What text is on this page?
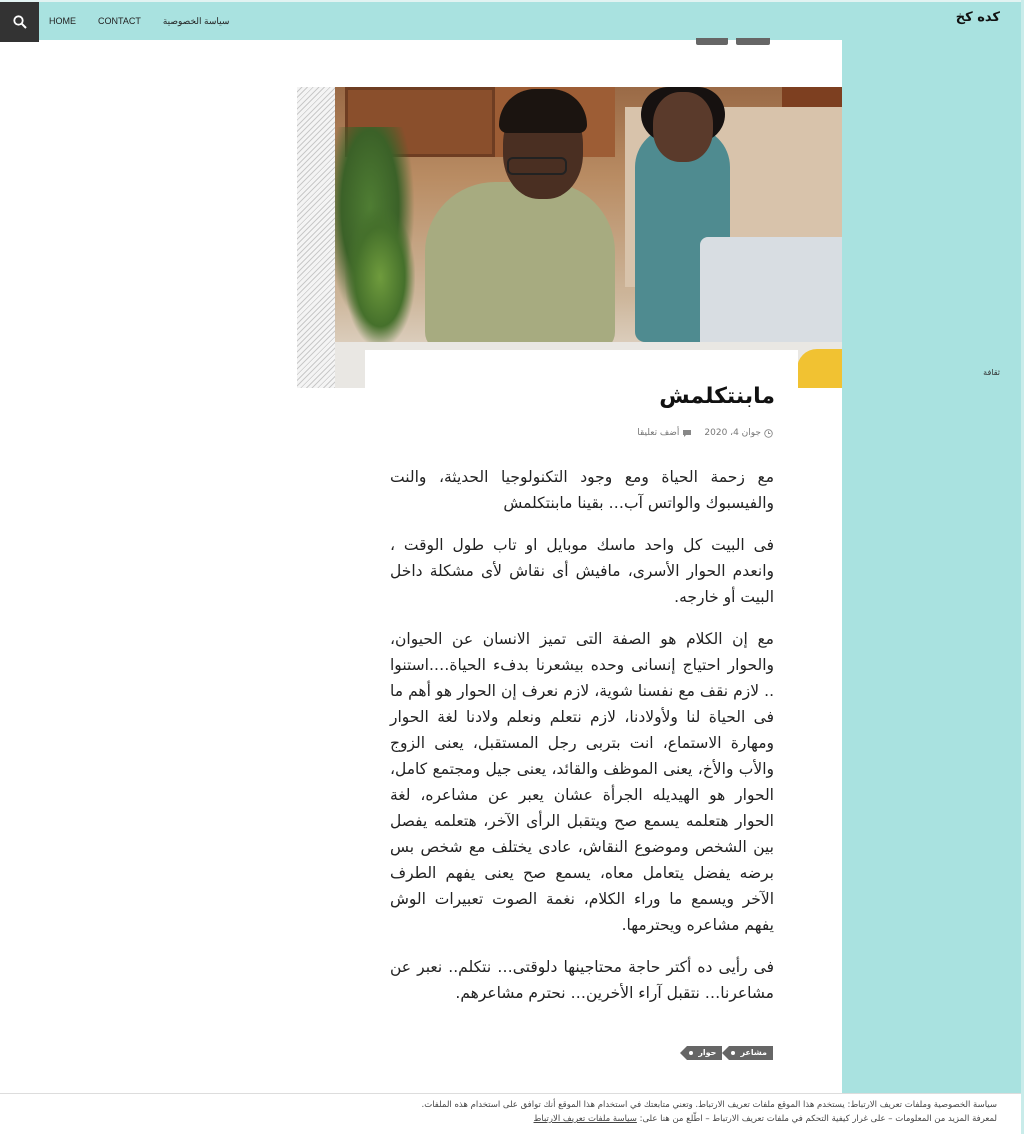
HOME CONTACT سياسة الخصوصية	كده كخ
ثقافة
مابنتكلمش
جوان 4، 2020
أضف تعليقا

مع زحمة الحياة ومع وجود التكنولوجيا الحديثة، والنت والفيسبوك والواتس آب… بقينا مابنتكلمش

فى البيت كل واحد ماسك موبايل او تاب طول الوقت ، وانعدم الحوار الأسرى، مافيش أى نقاش لأى مشكلة داخل البيت أو خارجه.

مع إن الكلام هو الصفة التى تميز الانسان عن الحيوان، والحوار احتياج إنسانى وحده بيشعرنا بدفء الحياة….استنوا .. لازم نقف مع نفسنا شوية، لازم نعرف إن الحوار هو أهم ما فى الحياة لنا ولأولادنا، لازم نتعلم ونعلم ولادنا لغة الحوار ومهارة الاستماع، انت بتربى رجل المستقبل، يعنى الزوج والأب والأخ، يعنى الموظف والقائد، يعنى جيل ومجتمع كامل، الحوار هو الهيديله الجرأة عشان يعبر عن مشاعره، لغة الحوار هتعلمه يسمع صح ويتقبل الرأى الآخر، هتعلمه يفصل بين الشخص وموضوع النقاش، عادى يختلف مع شخص بس برضه يفضل يتعامل معاه، يسمع صح يعنى يفهم الطرف الآخر ويسمع ما وراء الكلام، نغمة الصوت تعبيرات الوش يفهم مشاعره ويحترمها.

فى رأيى ده أكتر حاجة محتاجينها دلوقتى… نتكلم.. نعبر عن مشاعرنا… نتقبل آراء الأخرين… نحترم مشاعرهم.

مشاعر
حوار
سياسة الخصوصية وملفات تعريف الارتباط: يستخدم هذا الموقع ملفات تعريف الارتباط. وتعني متابعتك في استخدام هذا الموقع أنك توافق على استخدام هذه الملفات.
لمعرفة المزيد من المعلومات – على غرار كيفية التحكم في ملفات تعريف الارتباط – اطّلع من هنا على: سياسة ملفات تعريف الارتباط
